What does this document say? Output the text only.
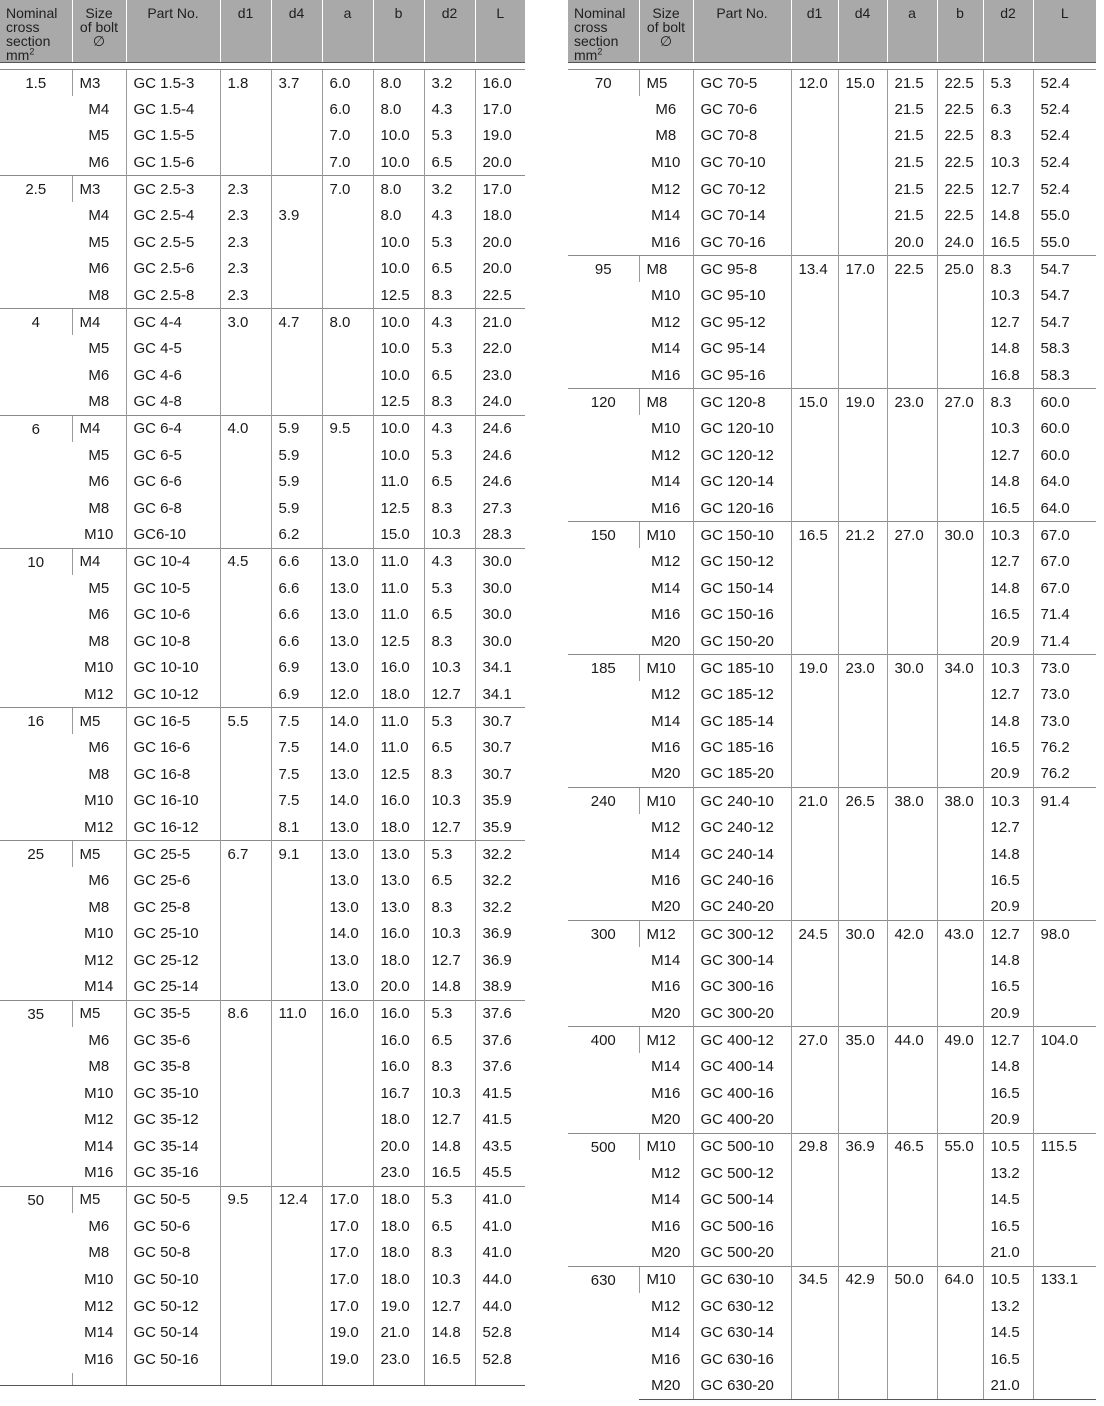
Nominal
cross
section
$mm^2$	Size
of bolt
∅	Part No.	d1	d4	a	b	d2	L

1.5	M3	GC 1.5-3	1.8	3.7	6.0	8.0	3.2	16.0
	M4	GC 1.5-4			6.0	8.0	4.3	17.0
	M5	GC 1.5-5			7.0	10.0	5.3	19.0
	M6	GC 1.5-6			7.0	10.0	6.5	20.0
2.5	M3	GC 2.5-3	2.3		7.0	8.0	3.2	17.0
	M4	GC 2.5-4	2.3	3.9		8.0	4.3	18.0
	M5	GC 2.5-5	2.3			10.0	5.3	20.0
	M6	GC 2.5-6	2.3			10.0	6.5	20.0
	M8	GC 2.5-8	2.3			12.5	8.3	22.5
4	M4	GC 4-4	3.0	4.7	8.0	10.0	4.3	21.0
	M5	GC 4-5				10.0	5.3	22.0
	M6	GC 4-6				10.0	6.5	23.0
	M8	GC 4-8				12.5	8.3	24.0
6	M4	GC 6-4	4.0	5.9	9.5	10.0	4.3	24.6
	M5	GC 6-5		5.9		10.0	5.3	24.6
	M6	GC 6-6		5.9		11.0	6.5	24.6
	M8	GC 6-8		5.9		12.5	8.3	27.3
	M10	GC6-10		6.2		15.0	10.3	28.3
10	M4	GC 10-4	4.5	6.6	13.0	11.0	4.3	30.0
	M5	GC 10-5		6.6	13.0	11.0	5.3	30.0
	M6	GC 10-6		6.6	13.0	11.0	6.5	30.0
	M8	GC 10-8		6.6	13.0	12.5	8.3	30.0
	M10	GC 10-10		6.9	13.0	16.0	10.3	34.1
	M12	GC 10-12		6.9	12.0	18.0	12.7	34.1
16	M5	GC 16-5	5.5	7.5	14.0	11.0	5.3	30.7
	M6	GC 16-6		7.5	14.0	11.0	6.5	30.7
	M8	GC 16-8		7.5	13.0	12.5	8.3	30.7
	M10	GC 16-10		7.5	14.0	16.0	10.3	35.9
	M12	GC 16-12		8.1	13.0	18.0	12.7	35.9
25	M5	GC 25-5	6.7	9.1	13.0	13.0	5.3	32.2
	M6	GC 25-6			13.0	13.0	6.5	32.2
	M8	GC 25-8			13.0	13.0	8.3	32.2
	M10	GC 25-10			14.0	16.0	10.3	36.9
	M12	GC 25-12			13.0	18.0	12.7	36.9
	M14	GC 25-14			13.0	20.0	14.8	38.9
35	M5	GC 35-5	8.6	11.0	16.0	16.0	5.3	37.6
	M6	GC 35-6				16.0	6.5	37.6
	M8	GC 35-8				16.0	8.3	37.6
	M10	GC 35-10				16.7	10.3	41.5
	M12	GC 35-12				18.0	12.7	41.5
	M14	GC 35-14				20.0	14.8	43.5
	M16	GC 35-16				23.0	16.5	45.5
50	M5	GC 50-5	9.5	12.4	17.0	18.0	5.3	41.0
	M6	GC 50-6			17.0	18.0	6.5	41.0
	M8	GC 50-8			17.0	18.0	8.3	41.0
	M10	GC 50-10			17.0	18.0	10.3	44.0
	M12	GC 50-12			17.0	19.0	12.7	44.0
	M14	GC 50-14			19.0	21.0	14.8	52.8
	M16	GC 50-16			19.0	23.0	16.5	52.8

Nominal
cross
section
$mm^2$	Size
of bolt
∅	Part No.	d1	d4	a	b	d2	L

70	M5	GC 70-5	12.0	15.0	21.5	22.5	5.3	52.4
	M6	GC 70-6			21.5	22.5	6.3	52.4
	M8	GC 70-8			21.5	22.5	8.3	52.4
	M10	GC 70-10			21.5	22.5	10.3	52.4
	M12	GC 70-12			21.5	22.5	12.7	52.4
	M14	GC 70-14			21.5	22.5	14.8	55.0
	M16	GC 70-16			20.0	24.0	16.5	55.0
95	M8	GC 95-8	13.4	17.0	22.5	25.0	8.3	54.7
	M10	GC 95-10					10.3	54.7
	M12	GC 95-12					12.7	54.7
	M14	GC 95-14					14.8	58.3
	M16	GC 95-16					16.8	58.3
120	M8	GC 120-8	15.0	19.0	23.0	27.0	8.3	60.0
	M10	GC 120-10					10.3	60.0
	M12	GC 120-12					12.7	60.0
	M14	GC 120-14					14.8	64.0
	M16	GC 120-16					16.5	64.0
150	M10	GC 150-10	16.5	21.2	27.0	30.0	10.3	67.0
	M12	GC 150-12					12.7	67.0
	M14	GC 150-14					14.8	67.0
	M16	GC 150-16					16.5	71.4
	M20	GC 150-20					20.9	71.4
185	M10	GC 185-10	19.0	23.0	30.0	34.0	10.3	73.0
	M12	GC 185-12					12.7	73.0
	M14	GC 185-14					14.8	73.0
	M16	GC 185-16					16.5	76.2
	M20	GC 185-20					20.9	76.2
240	M10	GC 240-10	21.0	26.5	38.0	38.0	10.3	91.4
	M12	GC 240-12					12.7	
	M14	GC 240-14					14.8	
	M16	GC 240-16					16.5	
	M20	GC 240-20					20.9	
300	M12	GC 300-12	24.5	30.0	42.0	43.0	12.7	98.0
	M14	GC 300-14					14.8	
	M16	GC 300-16					16.5	
	M20	GC 300-20					20.9	
400	M12	GC 400-12	27.0	35.0	44.0	49.0	12.7	104.0
	M14	GC 400-14					14.8	
	M16	GC 400-16					16.5	
	M20	GC 400-20					20.9	
500	M10	GC 500-10	29.8	36.9	46.5	55.0	10.5	115.5
	M12	GC 500-12					13.2	
	M14	GC 500-14					14.5	
	M16	GC 500-16					16.5	
	M20	GC 500-20					21.0	
630	M10	GC 630-10	34.5	42.9	50.0	64.0	10.5	133.1
	M12	GC 630-12					13.2	
	M14	GC 630-14					14.5	
	M16	GC 630-16					16.5	
	M20	GC 630-20					21.0	
